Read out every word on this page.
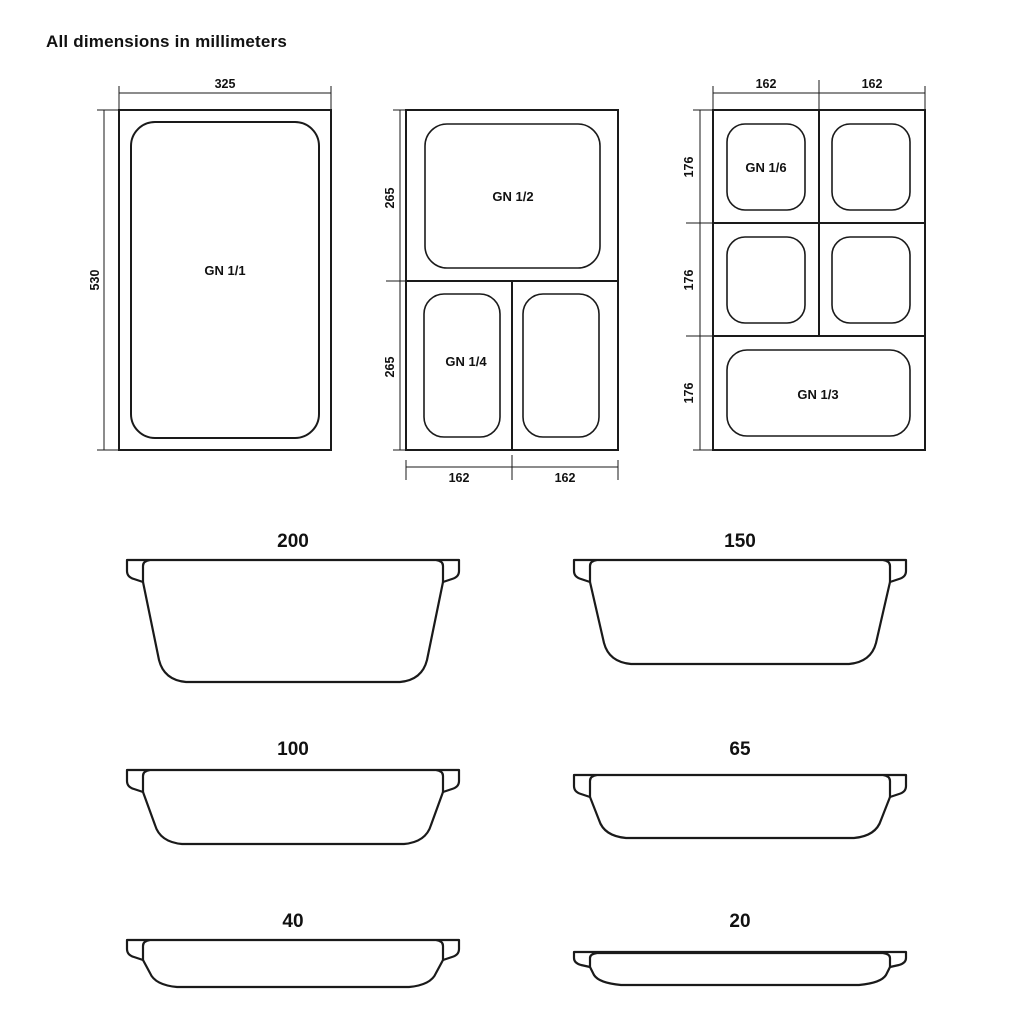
All dimensions in millimeters
325
530	GN 1/1
GN 1/2
GN 1/4
265
265
162	162
GN 1/6
GN 1/3
162	162
176
176
176
200	150
100	65
40	20
